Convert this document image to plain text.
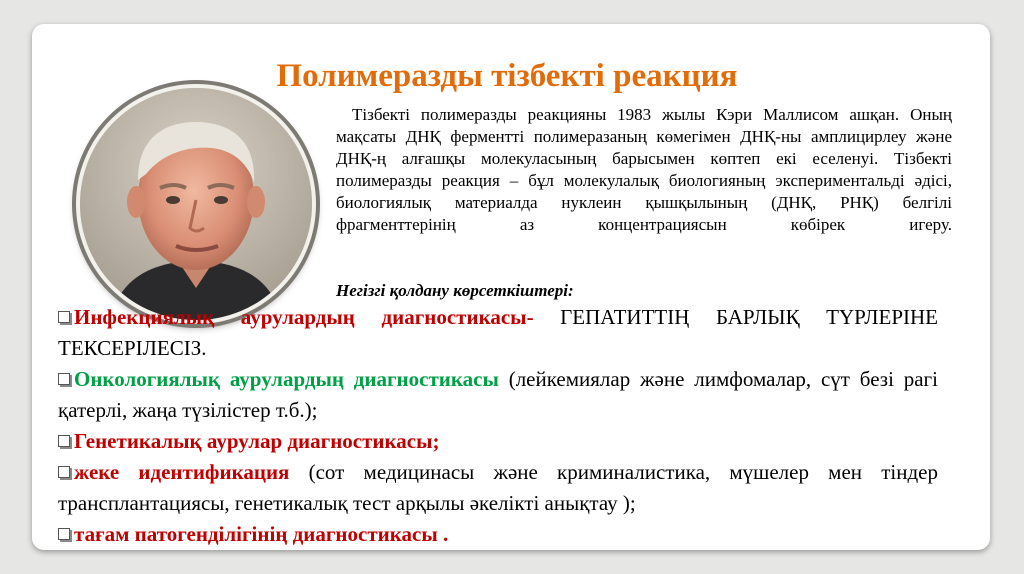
Полимеразды тізбекті реакция
Тізбекті полимеразды реакцияны 1983 жылы Кэри Маллисом ашқан. Оның мақсаты ДНҚ ферментті полимеразаның көмегімен ДНҚ-ны амплицирлеу және ДНҚ-ң алғашқы молекуласының барысымен көптеп екі еселенуі. Тізбекті полимеразды реакция – бұл молекулалық биологияның экспериментальді әдісі, биологиялық материалда нуклеин қышқылының (ДНҚ, РНҚ) белгілі фрагменттерінің аз концентрациясын көбірек игеру.
Негізгі қолдану көрсеткіштері:

Инфекциялық аурулардың диагностикасы- ГЕПАТИТТІҢ БАРЛЫҚ ТҮРЛЕРІНЕ ТЕКСЕРІЛЕСІЗ.

Онкологиялық аурулардың диагностикасы (лейкемиялар және лимфомалар, сүт безі рагі қатерлі, жаңа түзілістер т.б.);

Генетикалық аурулар диагностикасы;

жеке идентификация (сот медицинасы және криминалистика, мүшелер мен тіндер трансплантациясы, генетикалық тест арқылы әкелікті анықтау );

тағам патогенділігінің диагностикасы .
